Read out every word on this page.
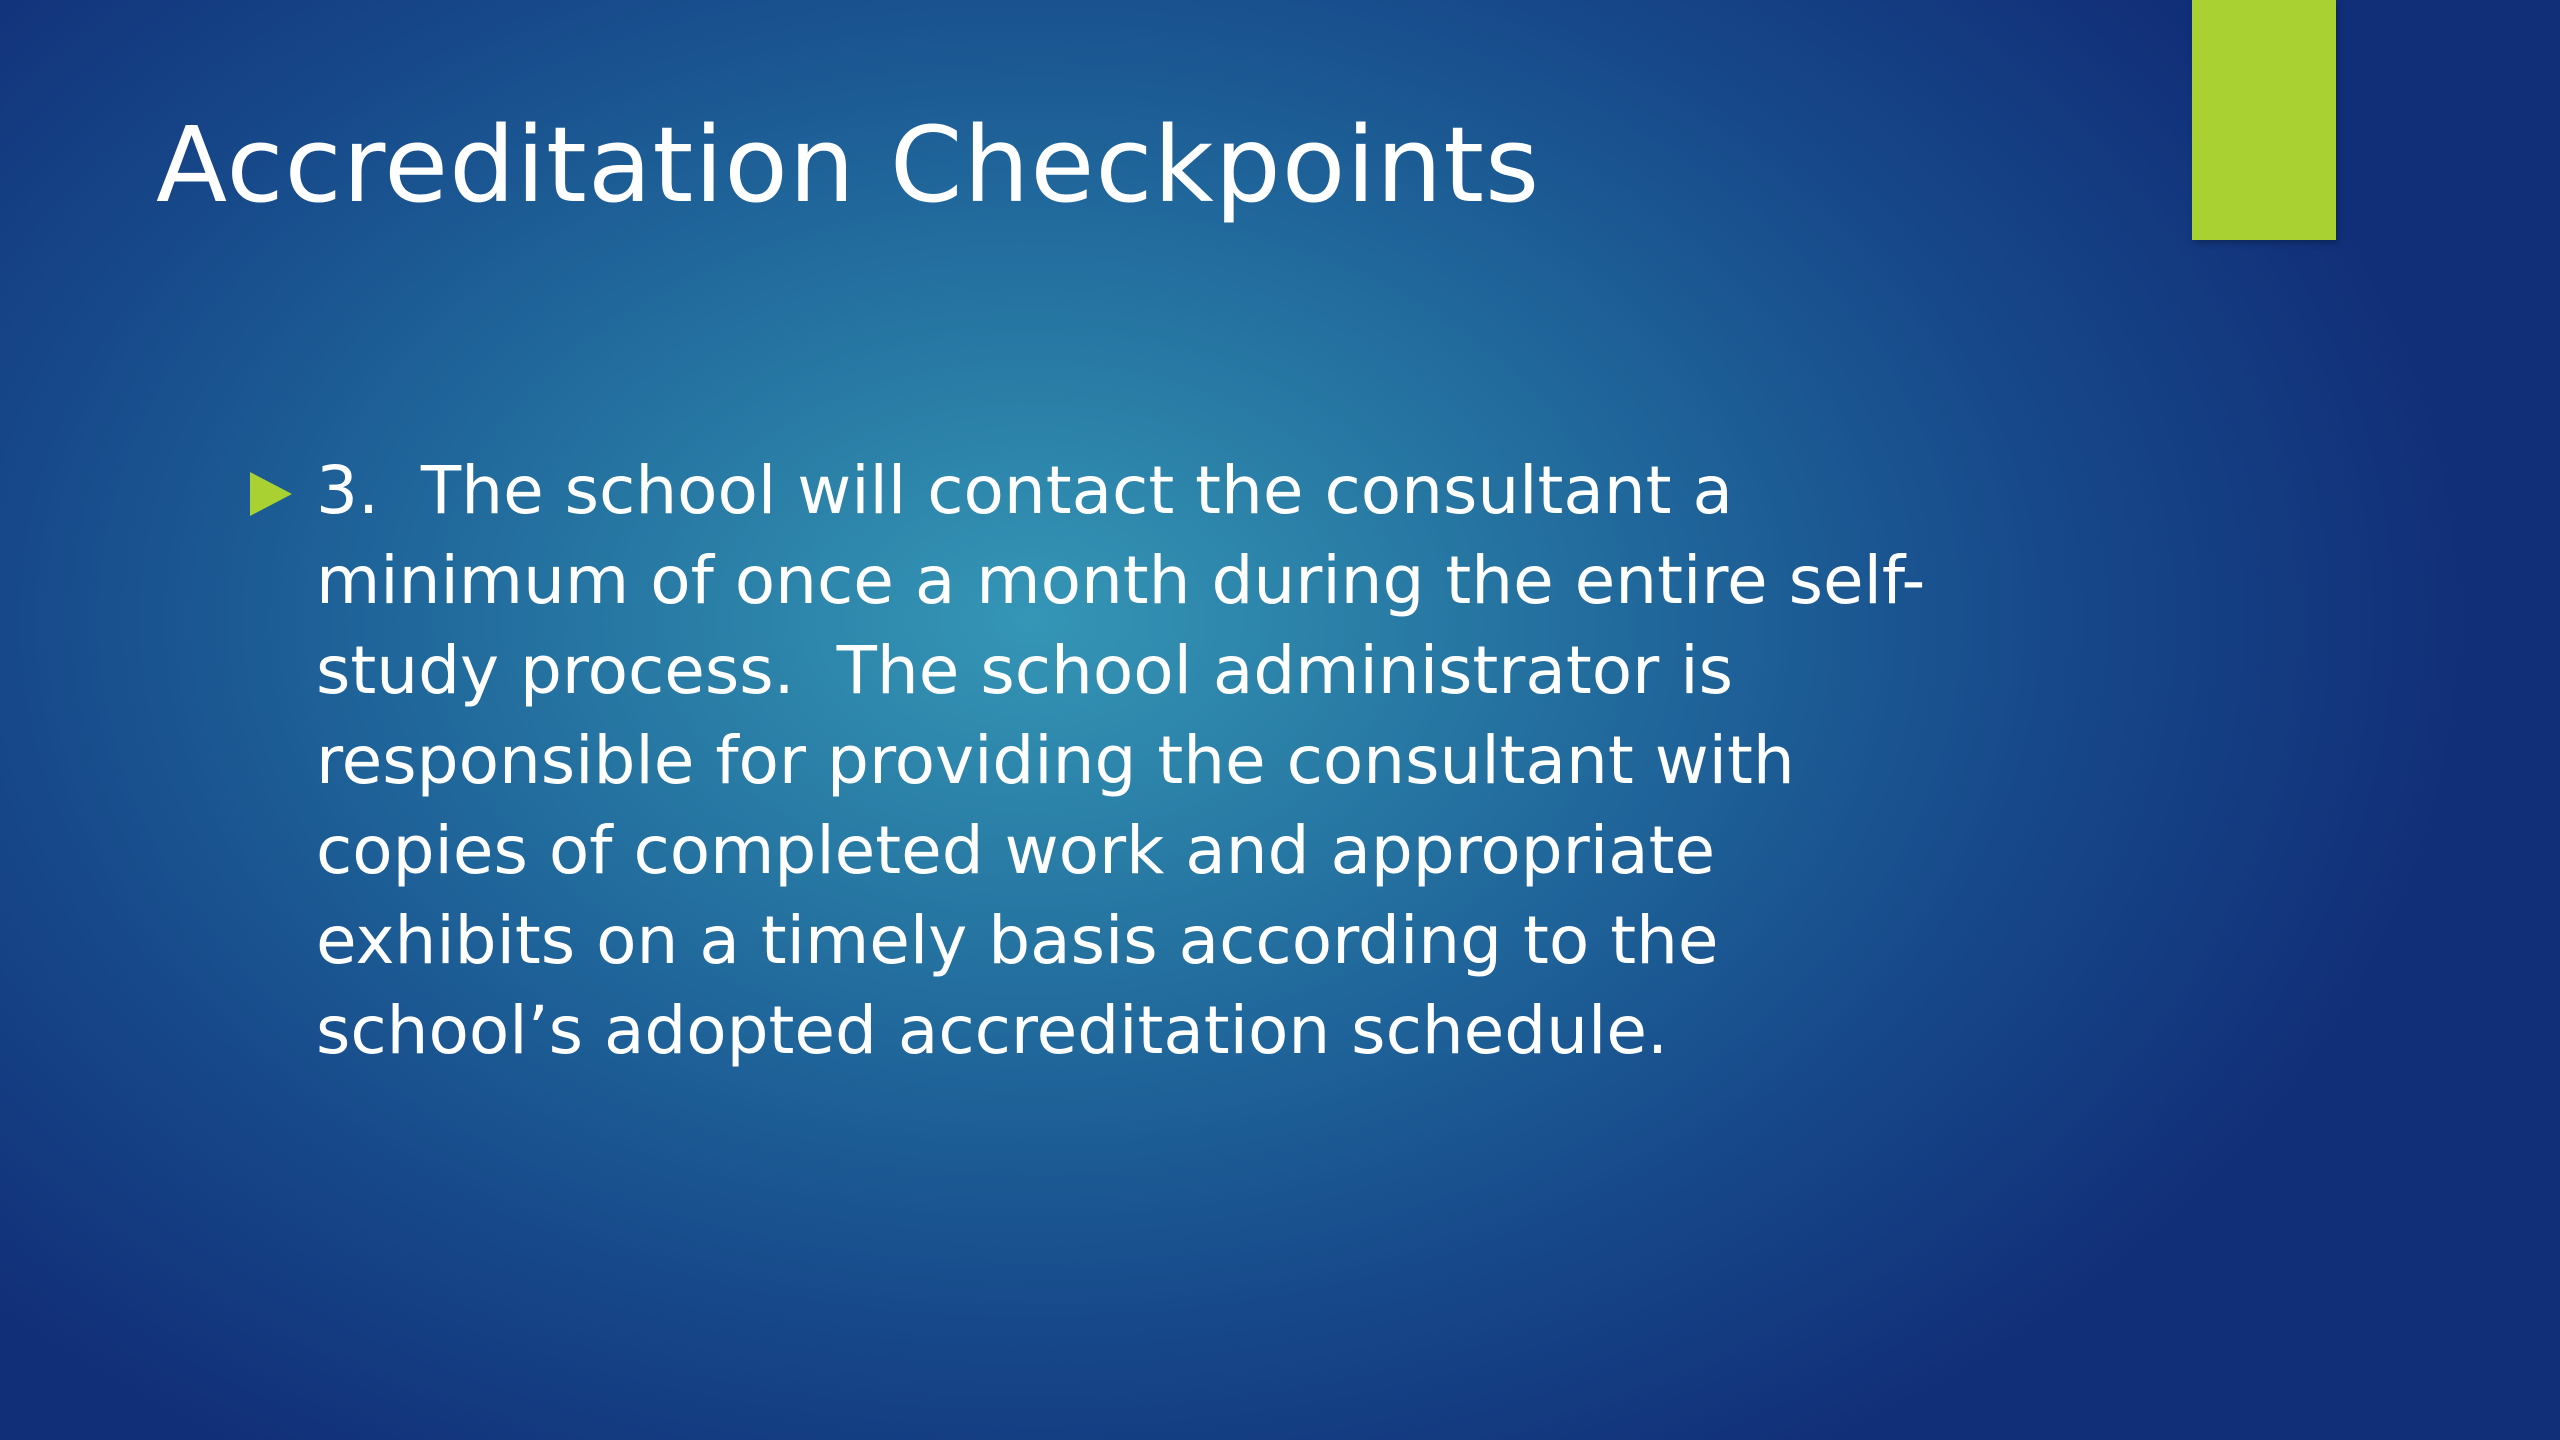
Accreditation Checkpoints
3.  The school will contact the consultant a
minimum of once a month during the entire self-
study process.  The school administrator is
responsible for providing the consultant with
copies of completed work and appropriate
exhibits on a timely basis according to the
school’s adopted accreditation schedule.
